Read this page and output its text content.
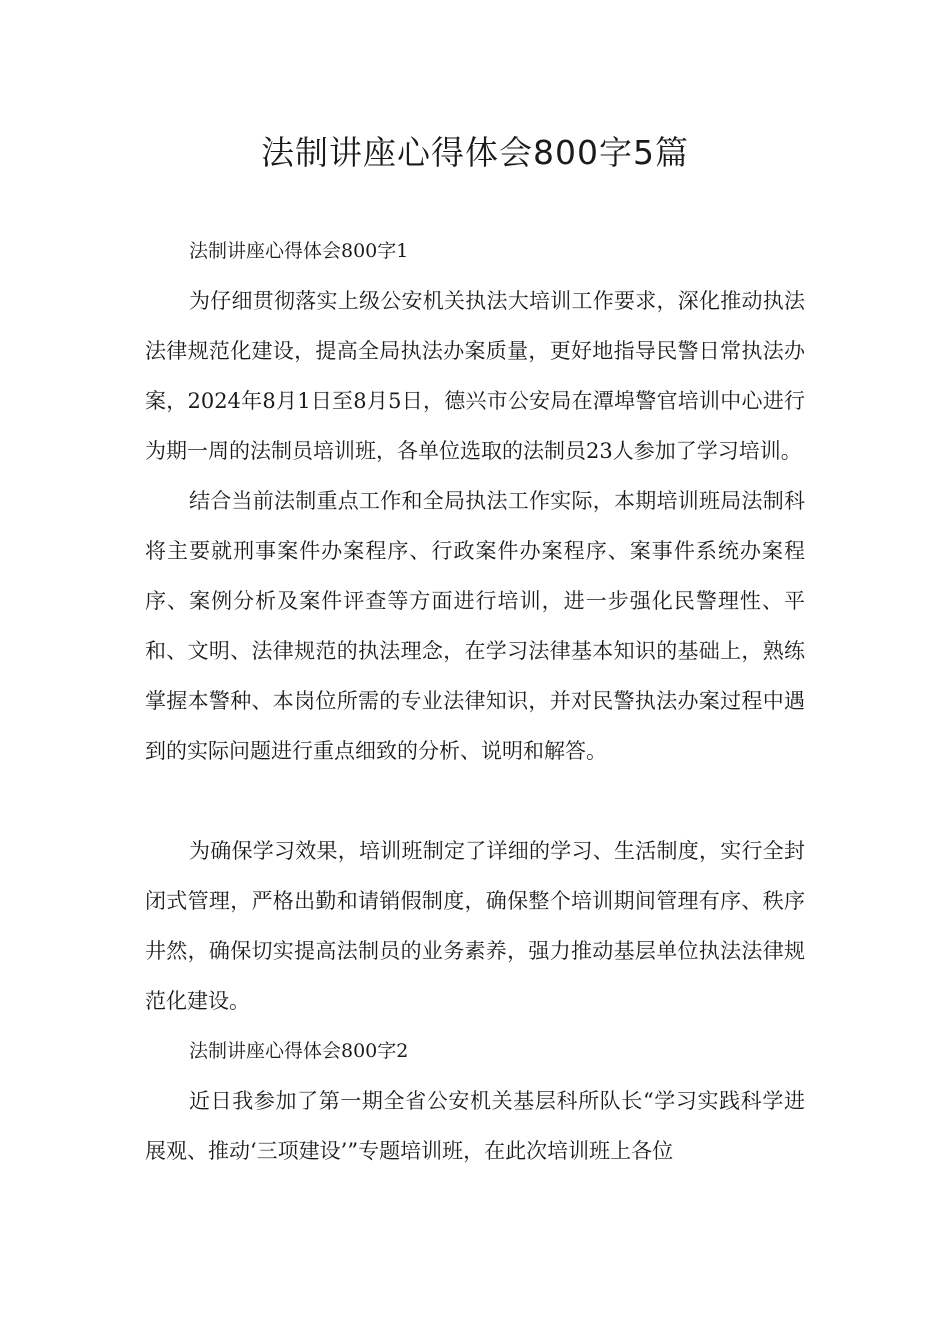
法制讲座心得体会800字5篇

法制讲座心得体会800字1

为仔细贯彻落实上级公安机关执法大培训工作要求，深化推动执法法律规范化建设，提高全局执法办案质量，更好地指导民警日常执法办案，2024年8月1日至8月5日，德兴市公安局在潭埠警官培训中心进行为期一周的法制员培训班，各单位选取的法制员23人参加了学习培训。

结合当前法制重点工作和全局执法工作实际，本期培训班局法制科将主要就刑事案件办案程序、行政案件办案程序、案事件系统办案程序、案例分析及案件评查等方面进行培训，进一步强化民警理性、平和、文明、法律规范的执法理念，在学习法律基本知识的基础上，熟练掌握本警种、本岗位所需的专业法律知识，并对民警执法办案过程中遇到的实际问题进行重点细致的分析、说明和解答。

为确保学习效果，培训班制定了详细的学习、生活制度，实行全封闭式管理，严格出勤和请销假制度，确保整个培训期间管理有序、秩序井然，确保切实提高法制员的业务素养，强力推动基层单位执法法律规范化建设。

法制讲座心得体会800字2

近日我参加了第一期全省公安机关基层科所队长“学习实践科学进展观、推动‘三项建设’”专题培训班，在此次培训班上各位
